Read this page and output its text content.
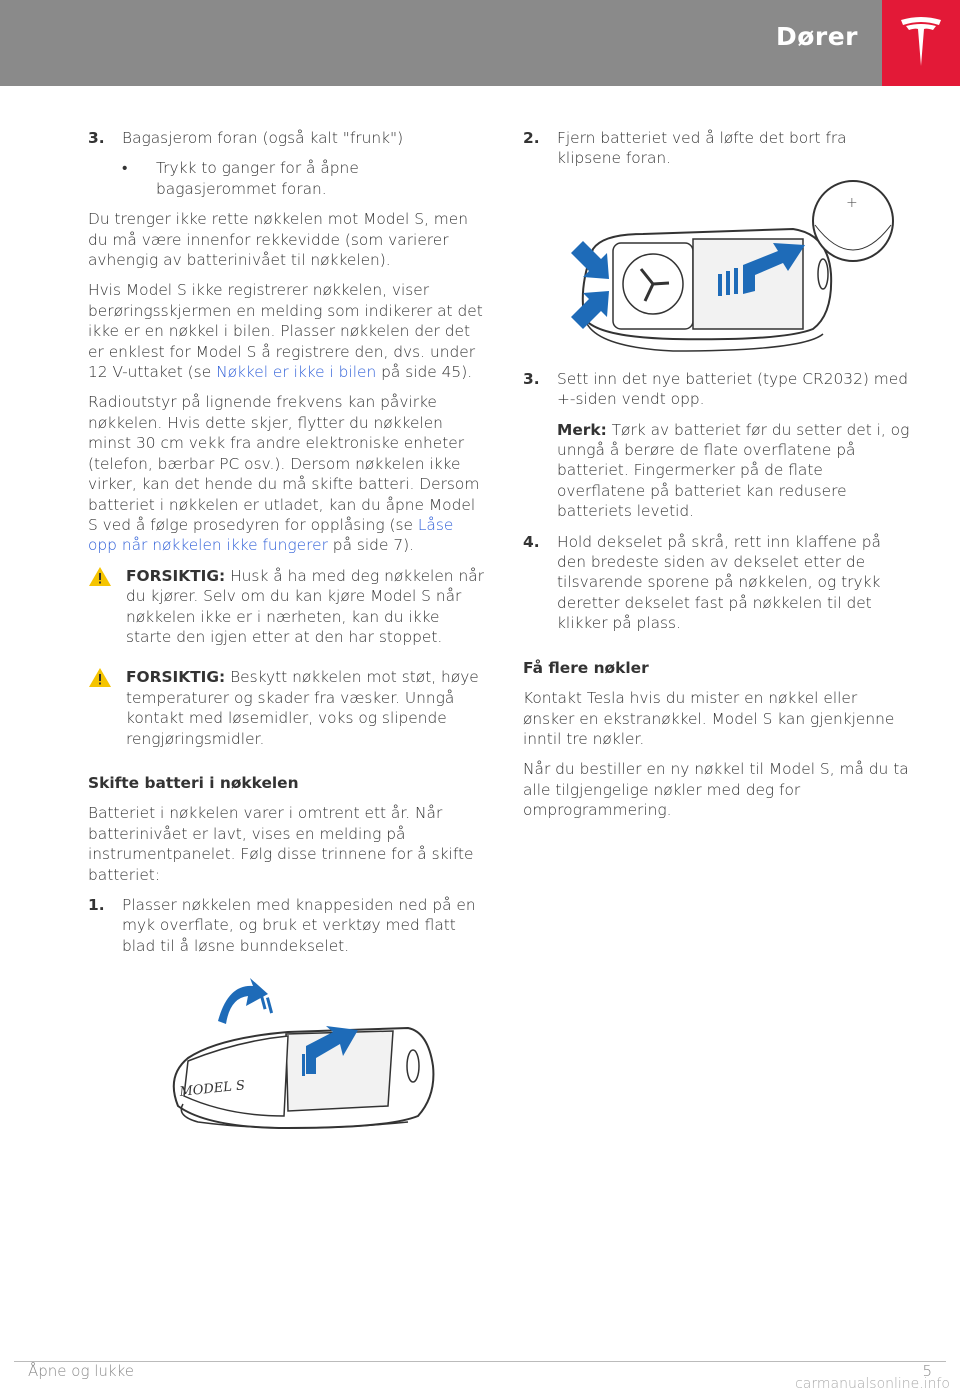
Dører
3. Bagasjerom foran (også kalt "frunk")
• Trykk to ganger for å åpne bagasjerommet foran.

Du trenger ikke rette nøkkelen mot Model S, men du må være innenfor rekkevidde (som varierer avhengig av batterinivået til nøkkelen).

Hvis Model S ikke registrerer nøkkelen, viser berøringsskjermen en melding som indikerer at det ikke er en nøkkel i bilen. Plasser nøkkelen der det er enklest for Model S å registrere den, dvs. under 12 V-uttaket (se Nøkkel er ikke i bilen på side 45).

Radioutstyr på lignende frekvens kan påvirke nøkkelen. Hvis dette skjer, flytter du nøkkelen minst 30 cm vekk fra andre elektroniske enheter (telefon, bærbar PC osv.). Dersom nøkkelen ikke virker, kan det hende du må skifte batteri. Dersom batteriet i nøkkelen er utladet, kan du åpne Model S ved å følge prosedyren for opplåsing (se Låse opp når nøkkelen ikke fungerer på side 7).

FORSIKTIG: Husk å ha med deg nøkkelen når du kjører. Selv om du kan kjøre Model S når nøkkelen ikke er i nærheten, kan du ikke starte den igjen etter at den har stoppet.
FORSIKTIG: Beskytt nøkkelen mot støt, høye temperaturer og skader fra væsker. Unngå kontakt med løsemidler, voks og slipende rengjøringsmidler.
Skifte batteri i nøkkelen

Batteriet i nøkkelen varer i omtrent ett år. Når batterinivået er lavt, vises en melding på instrumentpanelet. Følg disse trinnene for å skifte batteriet:

1. Plasser nøkkelen med knappesiden ned på en myk overflate, og bruk et verktøy med flatt blad til å løsne bunndekselet.
MODEL S
2. Fjern batteriet ved å løfte det bort fra klipsene foran.
+
3. Sett inn det nye batteriet (type CR2032) med +-siden vendt opp.
Merk: Tørk av batteriet før du setter det i, og unngå å berøre de flate overflatene på batteriet. Fingermerker på de flate overflatene på batteriet kan redusere batteriets levetid.
4. Hold dekselet på skrå, rett inn klaffene på den bredeste siden av dekselet etter de tilsvarende sporene på nøkkelen, og trykk deretter dekselet fast på nøkkelen til det klikker på plass.
Få flere nøkler

Kontakt Tesla hvis du mister en nøkkel eller ønsker en ekstranøkkel. Model S kan gjenkjenne inntil tre nøkler.

Når du bestiller en ny nøkkel til Model S, må du ta alle tilgjengelige nøkler med deg for omprogrammering.

Åpne og lukke	5
carmanualsonline.info
